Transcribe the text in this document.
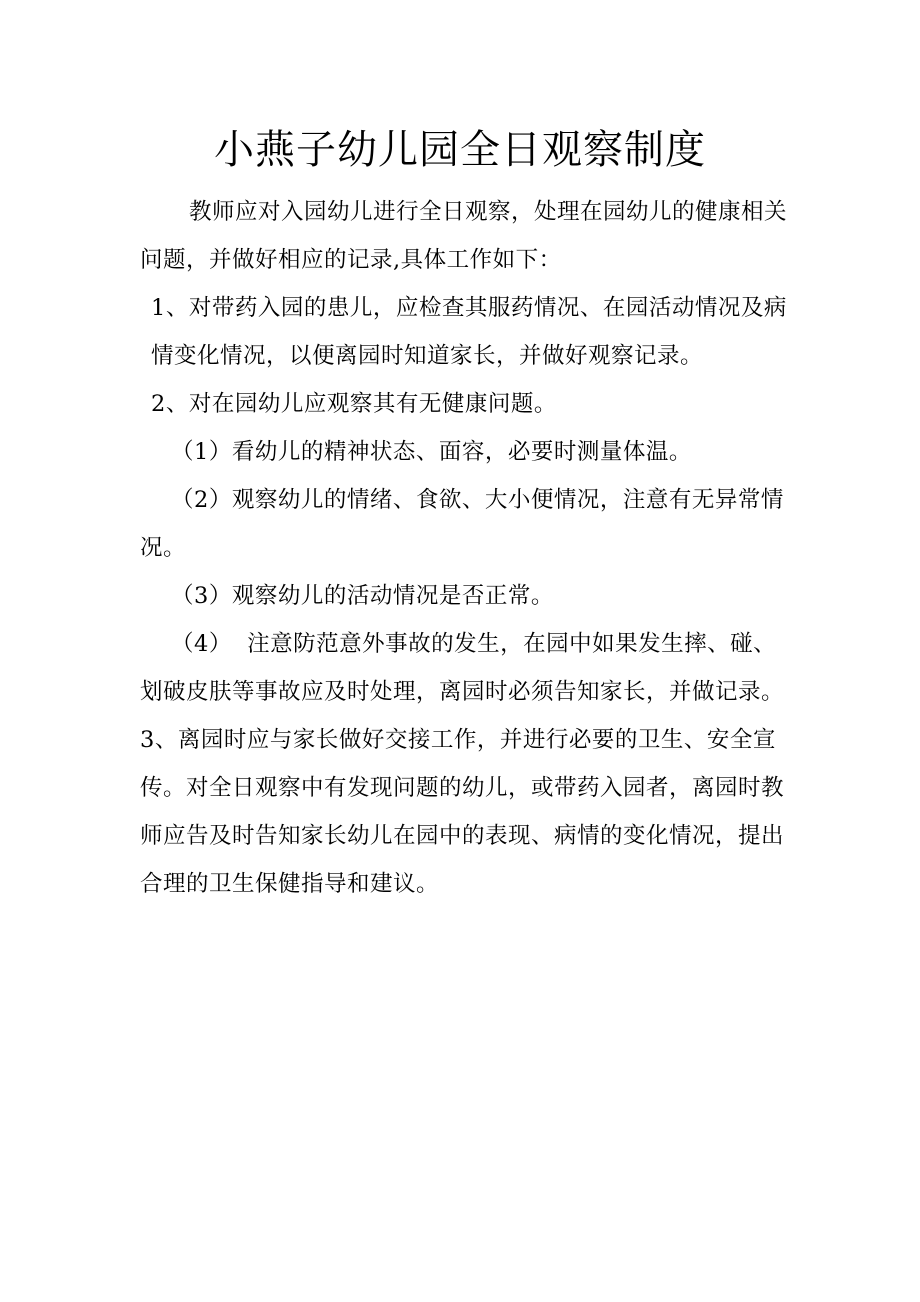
小燕子幼儿园全日观察制度

教师应对入园幼儿进行全日观察，处理在园幼儿的健康相关问题，并做好相应的记录,具体工作如下：

1、对带药入园的患儿，应检查其服药情况、在园活动情况及病情变化情况，以便离园时知道家长，并做好观察记录。

2、对在园幼儿应观察其有无健康问题。

（1）看幼儿的精神状态、面容，必要时测量体温。

（2）观察幼儿的情绪、食欲、大小便情况，注意有无异常情况。

（3）观察幼儿的活动情况是否正常。

（4）  注意防范意外事故的发生，在园中如果发生摔、碰、划破皮肤等事故应及时处理，离园时必须告知家长，并做记录。

3、离园时应与家长做好交接工作，并进行必要的卫生、安全宣传。对全日观察中有发现问题的幼儿，或带药入园者，离园时教师应告及时告知家长幼儿在园中的表现、病情的变化情况，提出合理的卫生保健指导和建议。
